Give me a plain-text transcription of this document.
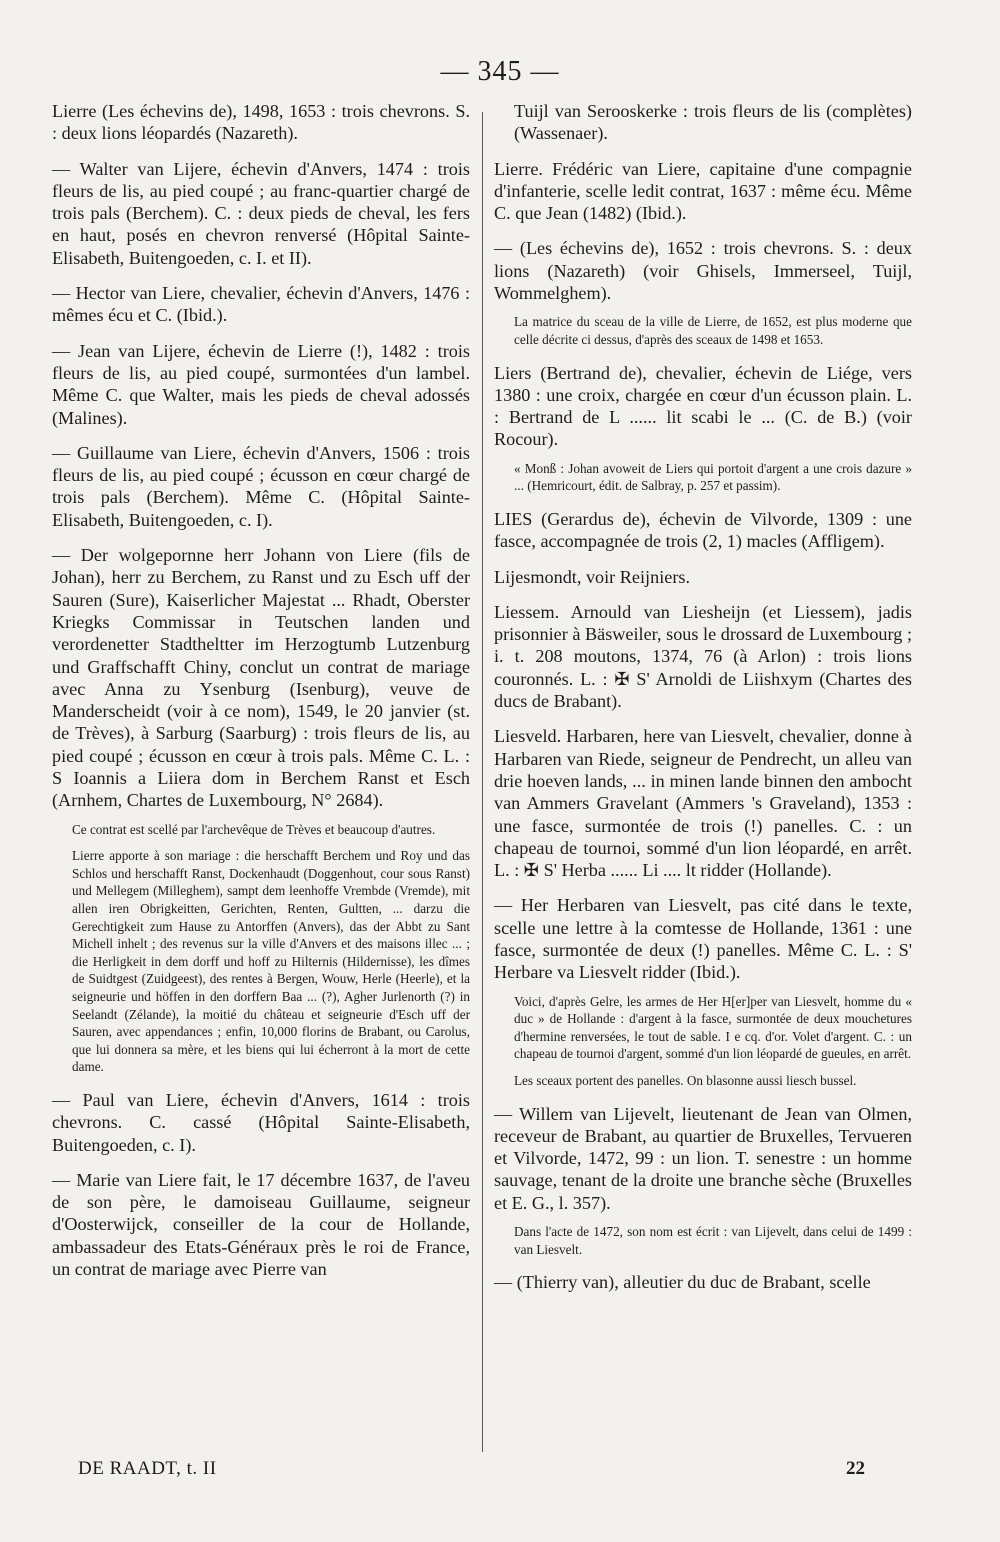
— 345 —

Lierre (Les échevins de), 1498, 1653 : trois chevrons. S. : deux lions léopardés (Nazareth).

— Walter van Lijere, échevin d'Anvers, 1474 : trois fleurs de lis, au pied coupé ; au franc-quartier chargé de trois pals (Berchem). C. : deux pieds de cheval, les fers en haut, posés en chevron renversé (Hôpital Sainte-Elisabeth, Buitengoeden, c. I. et II).

— Hector van Liere, chevalier, échevin d'Anvers, 1476 : mêmes écu et C. (Ibid.).

— Jean van Lijere, échevin de Lierre (!), 1482 : trois fleurs de lis, au pied coupé, surmontées d'un lambel. Même C. que Walter, mais les pieds de cheval adossés (Malines).

— Guillaume van Liere, échevin d'Anvers, 1506 : trois fleurs de lis, au pied coupé ; écusson en cœur chargé de trois pals (Berchem). Même C. (Hôpital Sainte-Elisabeth, Buitengoeden, c. I).

— Der wolgepornne herr Johann von Liere (fils de Johan), herr zu Berchem, zu Ranst und zu Esch uff der Sauren (Sure), Kaiserlicher Majestat ... Rhadt, Oberster Kriegks Commissar in Teutschen landen und verordenetter Stadtheltter im Herzogtumb Lutzenburg und Graffschafft Chiny, conclut un contrat de mariage avec Anna zu Ysenburg (Isenburg), veuve de Manderscheidt (voir à ce nom), 1549, le 20 janvier (st. de Trèves), à Sarburg (Saarburg) : trois fleurs de lis, au pied coupé ; écusson en cœur à trois pals. Même C. L. : S Ioannis a Liiera dom in Berchem Ranst et Esch (Arnhem, Chartes de Luxembourg, N° 2684).

Ce contrat est scellé par l'archevêque de Trèves et beaucoup d'autres.

Lierre apporte à son mariage : die herschafft Berchem und Roy und das Schlos und herschafft Ranst, Dockenhaudt (Doggenhout, cour sous Ranst) und Mellegem (Milleghem), sampt dem leenhoffe Vrembde (Vremde), mit allen iren Obrigkeitten, Gerichten, Renten, Gultten, ... darzu die Gerechtigkeit zum Hause zu Antorffen (Anvers), das der Abbt zu Sant Michell inhelt ; des revenus sur la ville d'Anvers et des maisons illec ... ; die Herligkeit in dem dorff und hoff zu Hilternis (Hildernisse), les dîmes de Suidtgest (Zuidgeest), des rentes à Bergen, Wouw, Herle (Heerle), et la seigneurie und höffen in den dorffern Baa ... (?), Agher Jurlenorth (?) in Seelandt (Zélande), la moitié du château et seigneurie d'Esch uff der Sauren, avec appendances ; enfin, 10,000 florins de Brabant, ou Carolus, que lui donnera sa mère, et les biens qui lui écherront à la mort de cette dame.

— Paul van Liere, échevin d'Anvers, 1614 : trois chevrons. C. cassé (Hôpital Sainte-Elisabeth, Buitengoeden, c. I).

— Marie van Liere fait, le 17 décembre 1637, de l'aveu de son père, le damoiseau Guillaume, seigneur d'Oosterwijck, conseiller de la cour de Hollande, ambassadeur des Etats-Généraux près le roi de France, un contrat de mariage avec Pierre van

Tuijl van Serooskerke : trois fleurs de lis (complètes) (Wassenaer).

Lierre. Frédéric van Liere, capitaine d'une compagnie d'infanterie, scelle ledit contrat, 1637 : même écu. Même C. que Jean (1482) (Ibid.).

— (Les échevins de), 1652 : trois chevrons. S. : deux lions (Nazareth) (voir Ghisels, Immerseel, Tuijl, Wommelghem).

La matrice du sceau de la ville de Lierre, de 1652, est plus moderne que celle décrite ci dessus, d'après des sceaux de 1498 et 1653.

Liers (Bertrand de), chevalier, échevin de Liége, vers 1380 : une croix, chargée en cœur d'un écusson plain. L. : Bertrand de L ...... lit scabi le ... (C. de B.) (voir Rocour).

« Monß : Johan avoweit de Liers qui portoit d'argent a une crois dazure » ... (Hemricourt, édit. de Salbray, p. 257 et passim).

LIES (Gerardus de), échevin de Vilvorde, 1309 : une fasce, accompagnée de trois (2, 1) macles (Affligem).

Lijesmondt, voir Reijniers.

Liessem. Arnould van Liesheijn (et Liessem), jadis prisonnier à Bäsweiler, sous le drossard de Luxembourg ; i. t. 208 moutons, 1374, 76 (à Arlon) : trois lions couronnés. L. : ✠ S' Arnoldi de Liishxym (Chartes des ducs de Brabant).

Liesveld. Harbaren, here van Liesvelt, chevalier, donne à Harbaren van Riede, seigneur de Pendrecht, un alleu van drie hoeven lands, ... in minen lande binnen den ambocht van Ammers Gravelant (Ammers 's Graveland), 1353 : une fasce, surmontée de trois (!) panelles. C. : un chapeau de tournoi, sommé d'un lion léopardé, en arrêt. L. : ✠ S' Herba ...... Li .... lt ridder (Hollande).

— Her Herbaren van Liesvelt, pas cité dans le texte, scelle une lettre à la comtesse de Hollande, 1361 : une fasce, surmontée de deux (!) panelles. Même C. L. : S' Herbare va Liesvelt ridder (Ibid.).

Voici, d'après Gelre, les armes de Her H[er]per van Liesvelt, homme du « duc » de Hollande : d'argent à la fasce, surmontée de deux mouchetures d'hermine renversées, le tout de sable. I e cq. d'or. Volet d'argent. C. : un chapeau de tournoi d'argent, sommé d'un lion léopardé de gueules, en arrêt.

Les sceaux portent des panelles. On blasonne aussi liesch bussel.

— Willem van Lijevelt, lieutenant de Jean van Olmen, receveur de Brabant, au quartier de Bruxelles, Tervueren et Vilvorde, 1472, 99 : un lion. T. senestre : un homme sauvage, tenant de la droite une branche sèche (Bruxelles et E. G., l. 357).

Dans l'acte de 1472, son nom est écrit : van Lijevelt, dans celui de 1499 : van Liesvelt.

— (Thierry van), alleutier du duc de Brabant, scelle

DE RAADT, t. II	22
